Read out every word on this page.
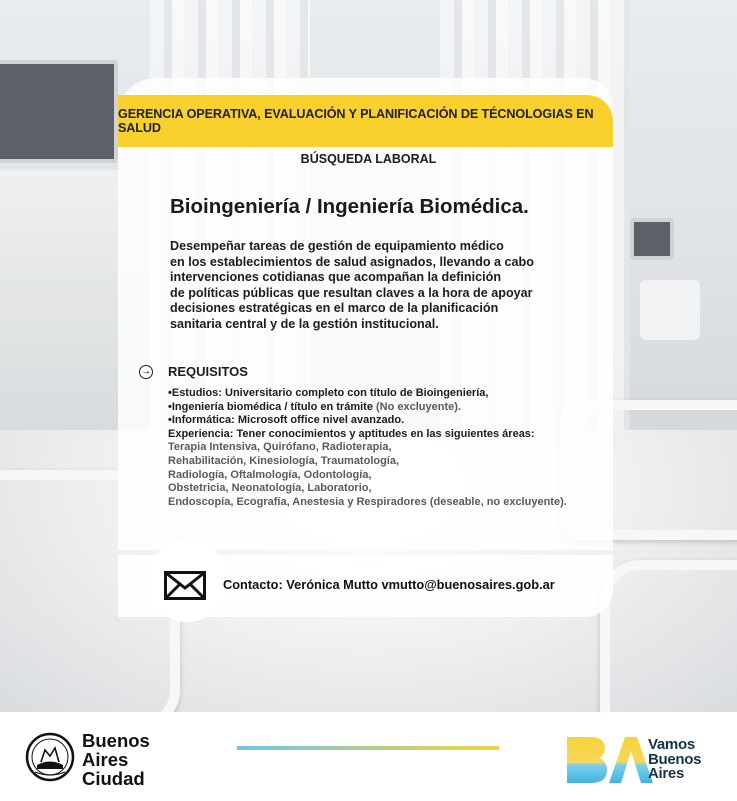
GERENCIA OPERATIVA, EVALUACIÓN Y PLANIFICACIÓN DE TÉCNOLOGIAS EN SALUD
BÚSQUEDA LABORAL
Bioingeniería / Ingeniería Biomédica.
Desempeñar tareas de gestión de equipamiento médico
en los establecimientos de salud asignados, llevando a cabo
intervenciones cotidianas que acompañan la definición
de políticas públicas que resultan claves a la hora de apoyar
decisiones estratégicas en el marco de la planificación
sanitaria central y de la gestión institucional.
→ REQUISITOS
•Estudios: Universitario completo con título de Bioingeniería,
•Ingeniería biomédica / título en trámite (No excluyente).
•Informática: Microsoft office nivel avanzado.
Experiencia: Tener conocimientos y aptitudes en las siguientes áreas:
Terapia Intensiva, Quirófano, Radioterapia,
Rehabilitación, Kinesiología, Traumatología,
Radiología, Oftalmología, Odontología,
Obstetricia, Neonatología, Laboratorio,
Endoscopía, Ecografía, Anestesia y Respiradores (deseable, no excluyente).
Contacto: Verónica Mutto vmutto@buenosaires.gob.ar
Buenos
Aires
Ciudad
Vamos
Buenos
Aires
